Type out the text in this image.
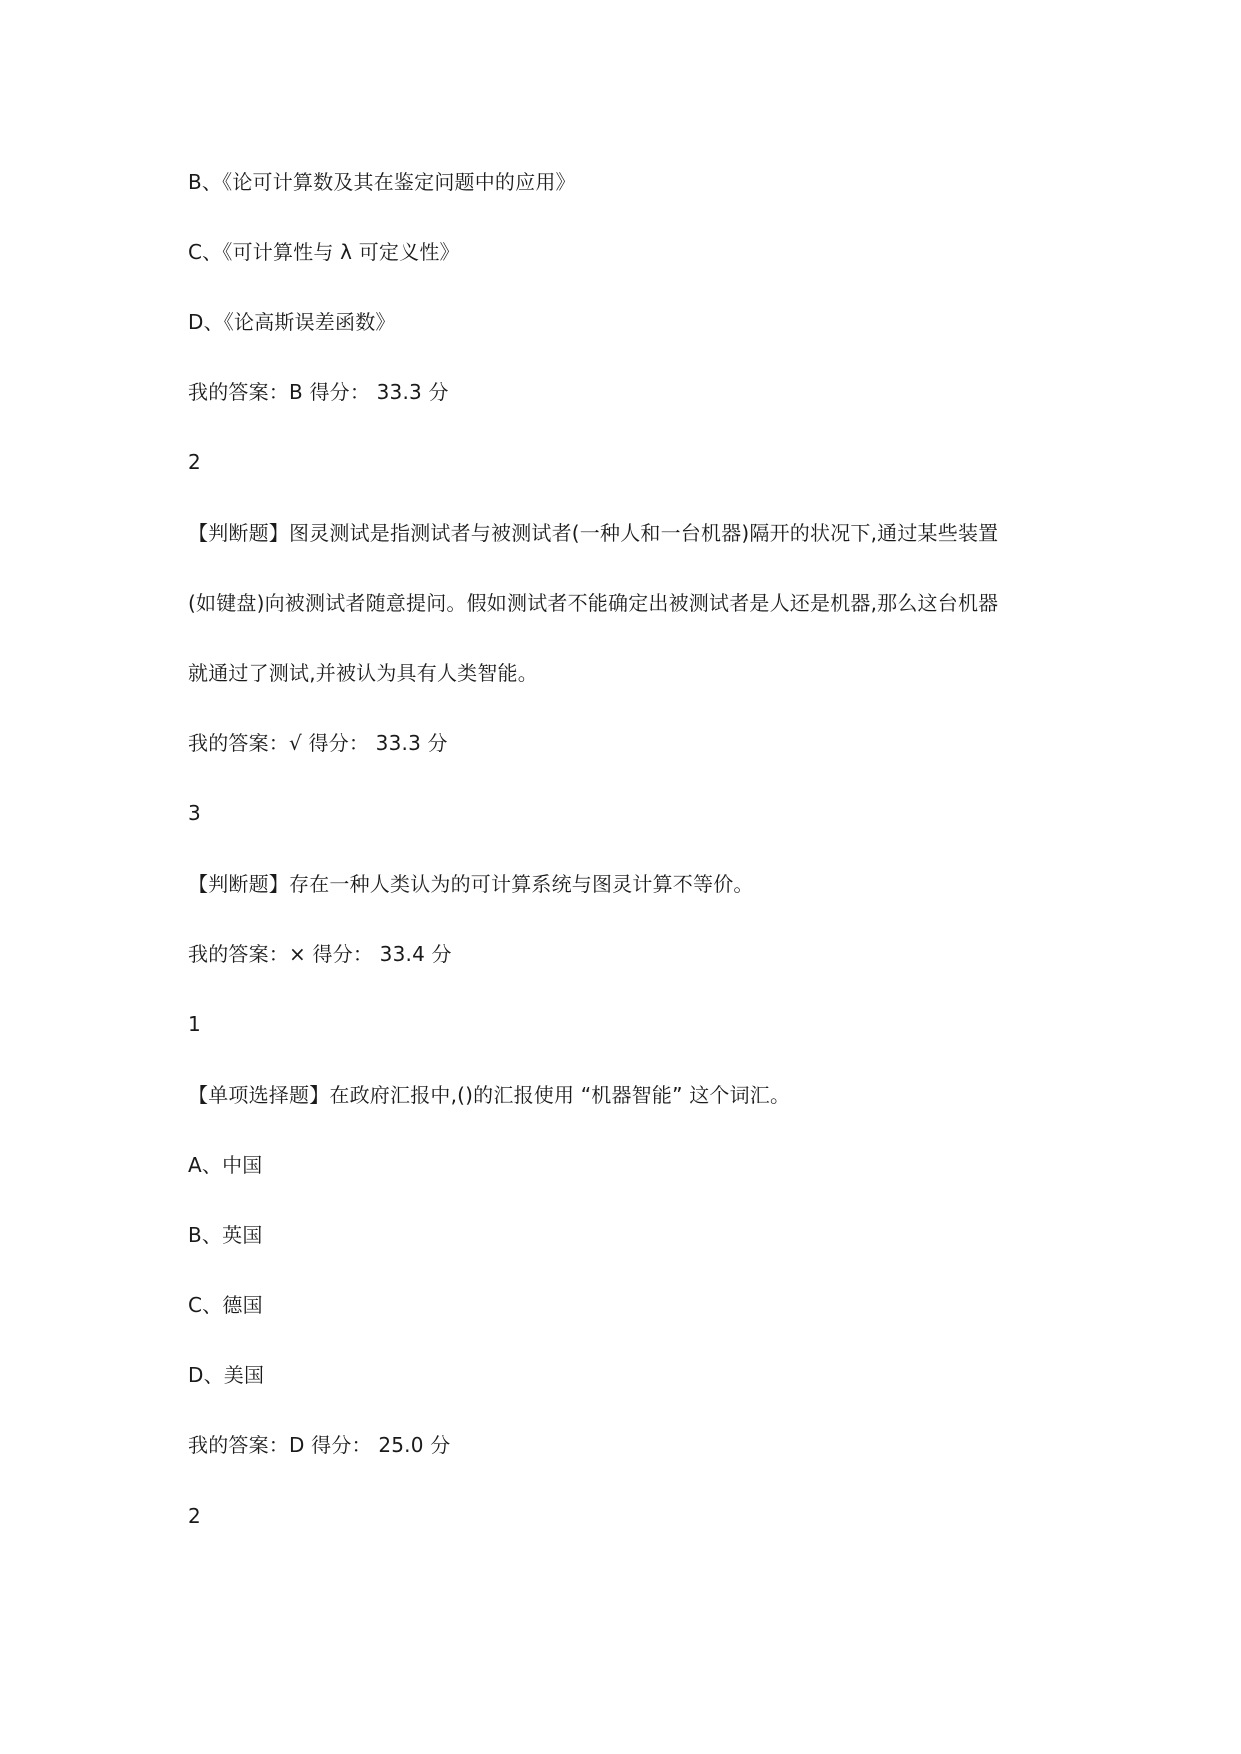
B、《论可计算数及其在鉴定问题中的应用》
C、《可计算性与 λ 可定义性》
D、《论高斯误差函数》
我的答案：B 得分： 33.3 分
2
【判断题】图灵测试是指测试者与被测试者(一种人和一台机器)隔开的状况下,通过某些装置
(如键盘)向被测试者随意提问。假如测试者不能确定出被测试者是人还是机器,那么这台机器
就通过了测试,并被认为具有人类智能。
我的答案：√ 得分： 33.3 分
3
【判断题】存在一种人类认为的可计算系统与图灵计算不等价。
我的答案：× 得分： 33.4 分
1
【单项选择题】在政府汇报中,()的汇报使用 “机器智能” 这个词汇。
A、中国
B、英国
C、德国
D、美国
我的答案：D 得分： 25.0 分
2
